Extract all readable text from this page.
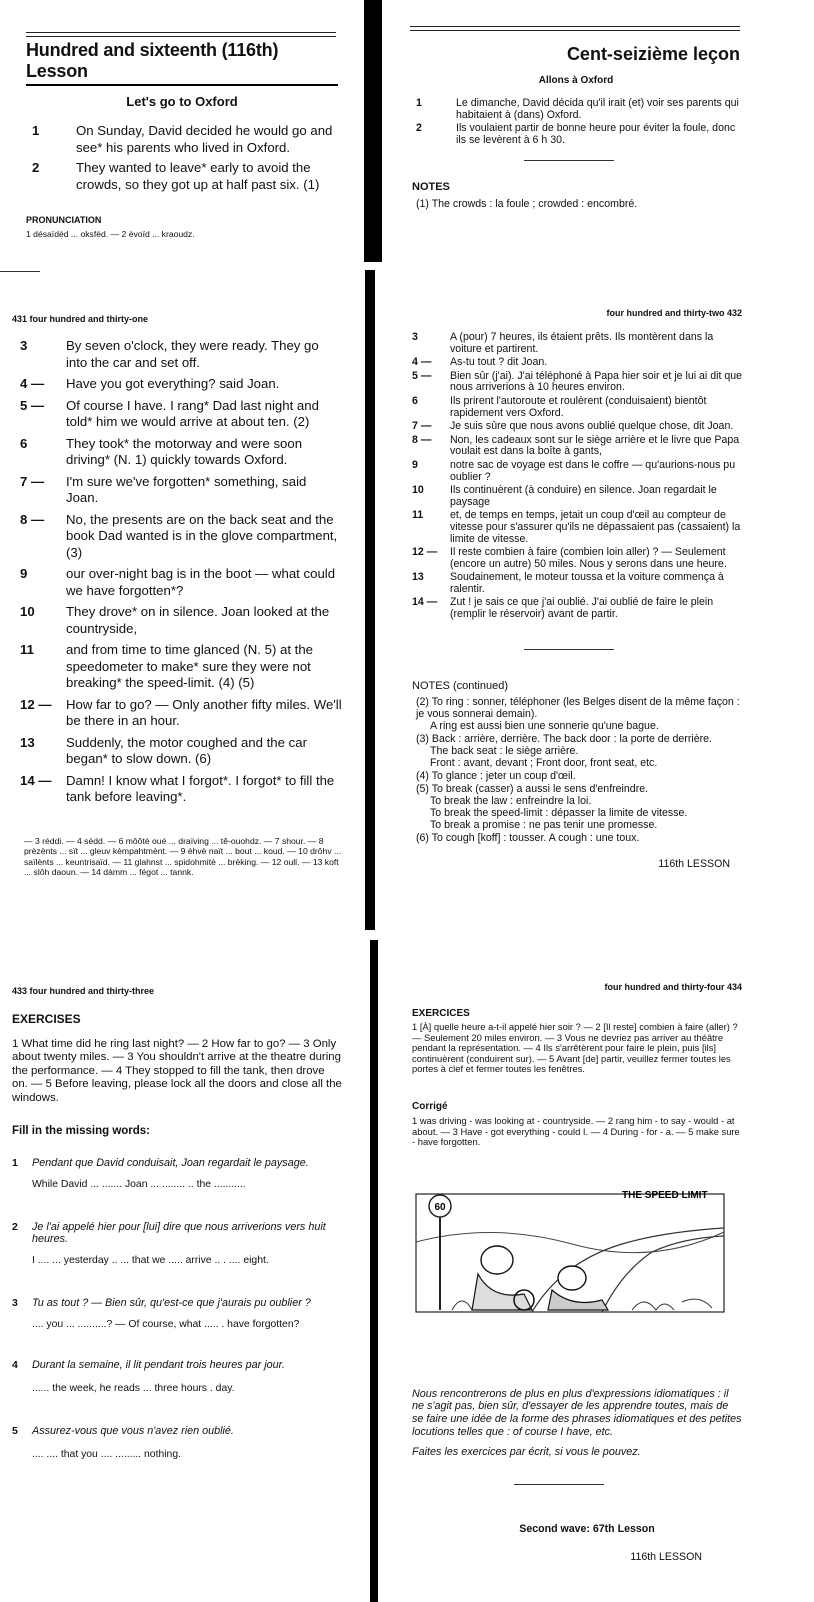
Hundred and sixteenth (116th) Lesson
Let's go to Oxford
1	On Sunday, David decided he would go and see* his parents who lived in Oxford.
2	They wanted to leave* early to avoid the crowds, so they got up at half past six. (1)
PRONUNCIATION
1 désaïdèd ... oksféd. — 2 èvoïd ... kraoudz.
Cent-seizième leçon
Allons à Oxford
1	Le dimanche, David décida qu'il irait (et) voir ses parents qui habitaient à (dans) Oxford.
2	Ils voulaient partir de bonne heure pour éviter la foule, donc ils se levèrent à 6 h 30.
NOTES
(1) The crowds : la foule ; crowded : encombré.
431 four hundred and thirty-one
3	By seven o'clock, they were ready. They go into the car and set off.
4 —	Have you got everything? said Joan.
5 —	Of course I have. I rang* Dad last night and told* him we would arrive at about ten. (2)
6	They took* the motorway and were soon driving* (N. 1) quickly towards Oxford.
7 —	I'm sure we've forgotten* something, said Joan.
8 —	No, the presents are on the back seat and the book Dad wanted is in the glove compartment, (3)
9	our over-night bag is in the boot — what could we have forgotten*?
10	They drove* on in silence. Joan looked at the countryside,
11	and from time to time glanced (N. 5) at the speedometer to make* sure they were not breaking* the speed-limit. (4) (5)
12 —	How far to go? — Only another fifty miles. We'll be there in an hour.
13	Suddenly, the motor coughed and the car began* to slow down. (6)
14 —	Damn! I know what I forgot*. I forgot* to fill the tank before leaving*.
— 3 réddi. — 4 sèdd. — 6 môôtè oué ... draïving ... tê-ouohdz. — 7 shour. — 8 prèzènts ... sït ... gleuv kèmpahtmènt. — 9 èhvè naït ... bout ... koud. — 10 drôhv ... saïlènts ... keuntrisaïd. — 11 glahnst ... spidohmitè ... brèking. — 12 oull. — 13 koft ... slôh daoun. — 14 dàmm ... fégot ... tannk.
four hundred and thirty-two 432
3	A (pour) 7 heures, ils étaient prêts. Ils montèrent dans la voiture et partirent.
4 —	As-tu tout ? dit Joan.
5 —	Bien sûr (j'ai). J'ai téléphoné à Papa hier soir et je lui ai dit que nous arriverions à 10 heures environ.
6	Ils prirent l'autoroute et roulèrent (conduisaient) bientôt rapidement vers Oxford.
7 —	Je suis sûre que nous avons oublié quelque chose, dit Joan.
8 —	Non, les cadeaux sont sur le siège arrière et le livre que Papa voulait est dans la boîte à gants,
9	notre sac de voyage est dans le coffre — qu'aurions-nous pu oublier ?
10	Ils continuèrent (à conduire) en silence. Joan regardait le paysage
11	et, de temps en temps, jetait un coup d'œil au compteur de vitesse pour s'assurer qu'ils ne dépassaient pas (cassaient) la limite de vitesse.
12 —	Il reste combien à faire (combien loin aller) ? — Seulement (encore un autre) 50 miles. Nous y serons dans une heure.
13	Soudainement, le moteur toussa et la voiture commença à ralentir.
14 —	Zut ! je sais ce que j'ai oublié. J'ai oublié de faire le plein (remplir le réservoir) avant de partir.
NOTES (continued)
(2) To ring : sonner, téléphoner (les Belges disent de la même façon : je vous sonnerai demain).
A ring est aussi bien une sonnerie qu'une bague.
(3) Back : arrière, derrière. The back door : la porte de derrière.
The back seat : le siège arrière.
Front : avant, devant ; Front door, front seat, etc.
(4) To glance : jeter un coup d'œil.
(5) To break (casser) a aussi le sens d'enfreindre.
To break the law : enfreindre la loi.
To break the speed-limit : dépasser la limite de vitesse.
To break a promise : ne pas tenir une promesse.
(6) To cough [koff] : tousser. A cough : une toux.
116th LESSON
433 four hundred and thirty-three
EXERCISES
1 What time did he ring last night? — 2 How far to go? — 3 Only about twenty miles. — 3 You shouldn't arrive at the theatre during the performance. — 4 They stopped to fill the tank, then drove on. — 5 Before leaving, please lock all the doors and close all the windows.
Fill in the missing words:
1	Pendant que David conduisait, Joan regardait le paysage.
While David ... ....... Joan ... ........ .. the ...........
2	Je l'ai appelé hier pour [lui] dire que nous arriverions vers huit heures.
I .... ... yesterday .. ... that we ..... arrive .. . .... eight.
3	Tu as tout ? — Bien sûr, qu'est-ce que j'aurais pu oublier ?
.... you ... ..........? — Of course, what ..... . have forgotten?
4	Durant la semaine, il lit pendant trois heures par jour.
...... the week, he reads ... three hours . day.
5	Assurez-vous que vous n'avez rien oublié.
.... .... that you .... ......... nothing.
four hundred and thirty-four 434
EXERCICES
1 [À] quelle heure a-t-il appelé hier soir ? — 2 [Il reste] combien à faire (aller) ? — Seulement 20 miles environ. — 3 Vous ne devriez pas arriver au théâtre pendant la représentation. — 4 Ils s'arrêtèrent pour faire le plein, puis [ils] continuèrent (conduirent sur). — 5 Avant [de] partir, veuillez fermer toutes les portes à clef et fermer toutes les fenêtres.
Corrigé
1 was driving - was looking at - countryside. — 2 rang him - to say - would - at about. — 3 Have - got everything - could I. — 4 During - for - a. — 5 make sure - have forgotten.
60
THE SPEED LIMIT
Nous rencontrerons de plus en plus d'expressions idiomatiques : il ne s'agit pas, bien sûr, d'essayer de les apprendre toutes, mais de se faire une idée de la forme des phrases idiomatiques et des petites locutions telles que : of course I have, etc.
Faites les exercices par écrit, si vous le pouvez.
Second wave: 67th Lesson
116th LESSON
